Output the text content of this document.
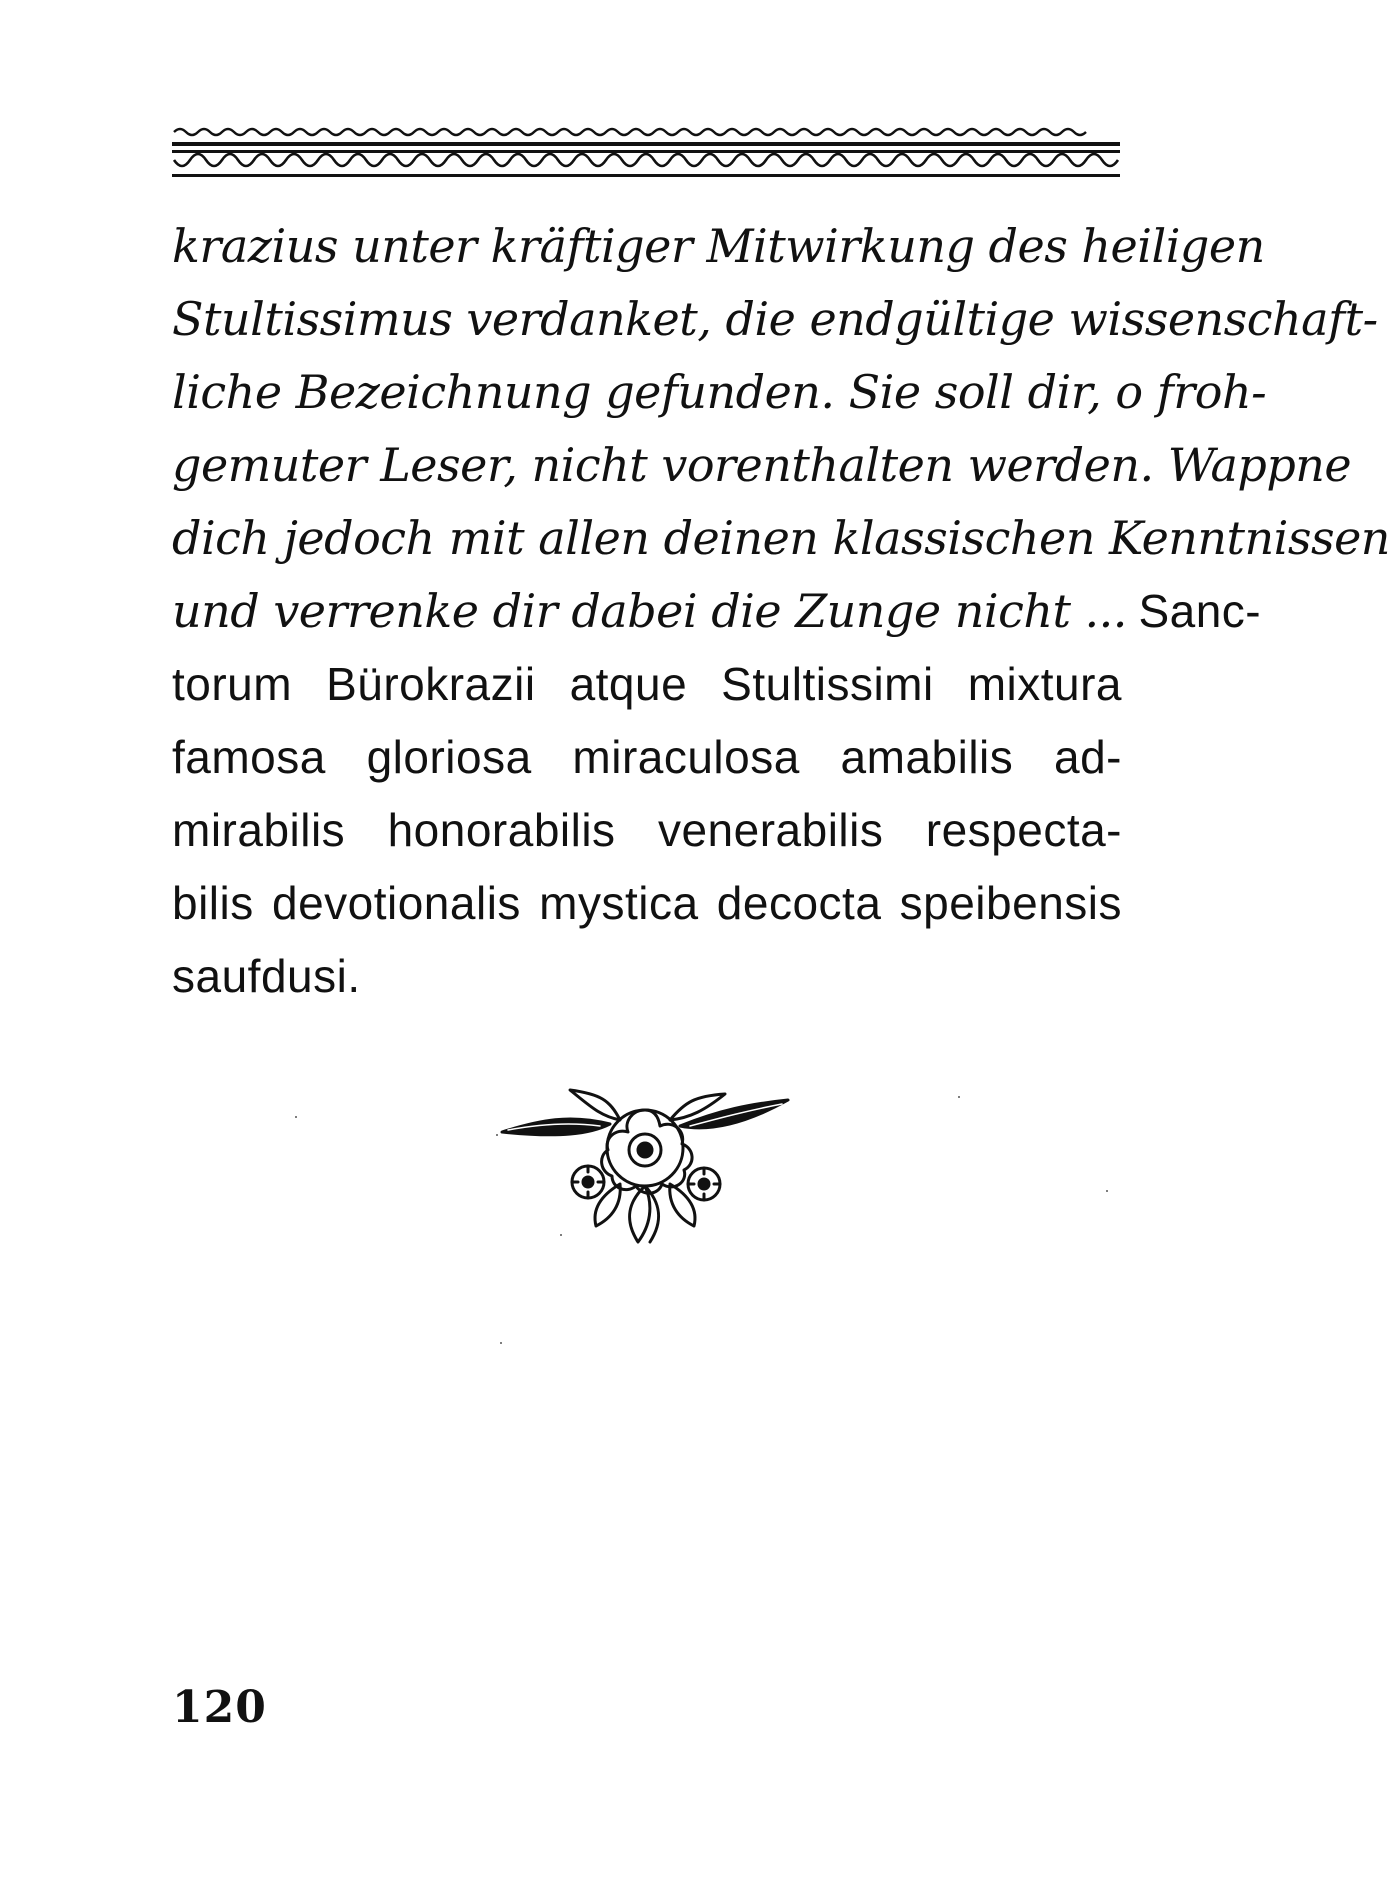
krazius unter kräftiger Mitwirkung des heiligen
Stultissimus verdanket, die endgültige wissenschaft-
liche Bezeichnung gefunden. Sie soll dir, o froh-
gemuter Leser, nicht vorenthalten werden. Wappne
dich jedoch mit allen deinen klassischen Kenntnissen
und verrenke dir dabei die Zunge nicht ... Sanc-
torum Bürokrazii atque Stultissimi mixtura
famosa gloriosa miraculosa amabilis ad-
mirabilis honorabilis venerabilis respecta-
bilis devotionalis mystica decocta speibensis
saufdusi.
120
